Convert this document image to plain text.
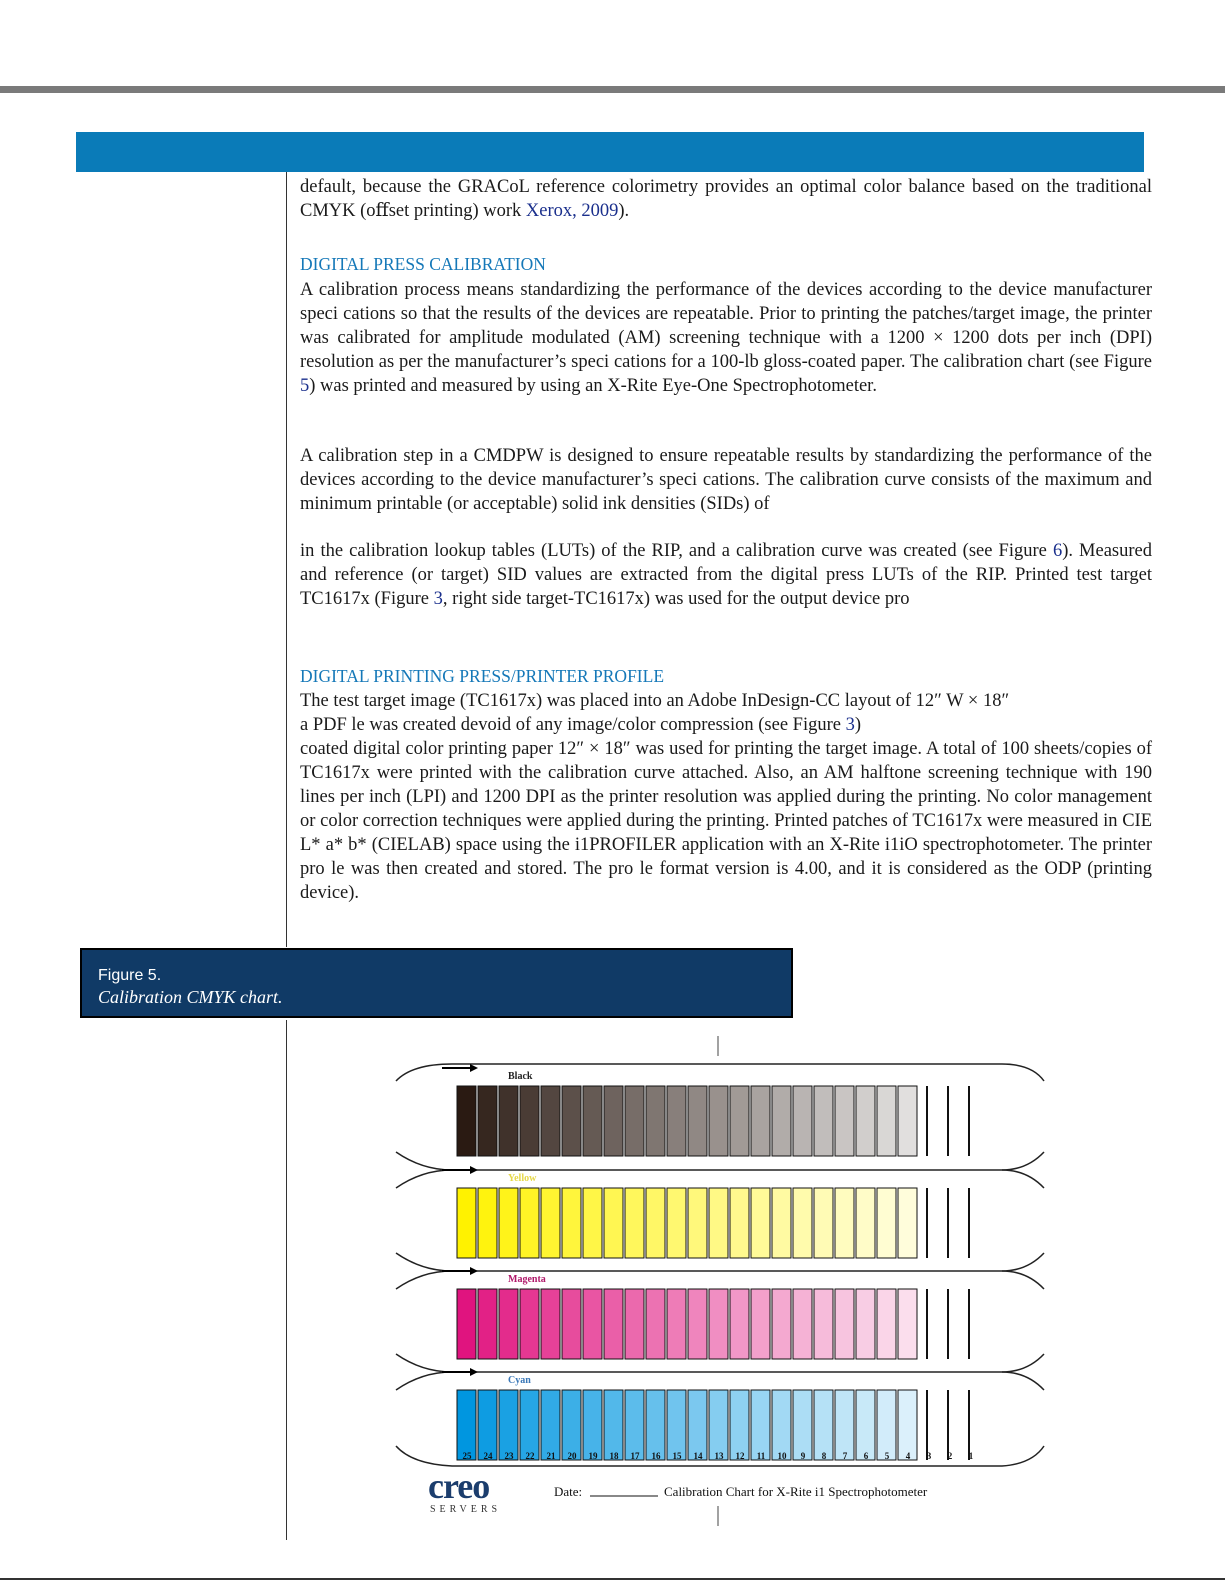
default, because the GRACoL reference colorimetry provides an optimal color balance based on the traditional CMYK (oﬀset printing) work Xerox, 2009).

DIGITAL PRESS CALIBRATION

A calibration process means standardizing the performance of the devices according to the device manufacturer speci cations so that the results of the devices are repeatable. Prior to printing the patches/target image, the printer was calibrated for amplitude modulated (AM) screening technique with a 1200 × 1200 dots per inch (DPI) resolution as per the manufacturer’s speci cations for a 100-lb gloss-coated paper. The calibration chart (see Figure 5) was printed and measured by using an X-Rite Eye-One Spectrophotometer.

A calibration step in a CMDPW is designed to ensure repeatable results by standardizing the performance of the devices according to the device manufacturer’s speci cations. The calibration curve consists of the maximum and minimum printable (or acceptable) solid ink densities (SIDs) of

in the calibration lookup tables (LUTs) of the RIP, and a calibration curve was created (see Figure 6). Measured and reference (or target) SID values are extracted from the digital press LUTs of the RIP. Printed test target TC1617x (Figure 3, right side target-TC1617x) was used for the output device pro

DIGITAL PRINTING PRESS/PRINTER PROFILE

The test target image (TC1617x) was placed into an Adobe InDesign-CC layout of 12″ W × 18″

a PDF le was created devoid of any image/color compression (see Figure 3)

coated digital color printing paper 12″ × 18″ was used for printing the target image. A total of 100 sheets/copies of TC1617x were printed with the calibration curve attached. Also, an AM halftone screening technique with 190 lines per inch (LPI) and 1200 DPI as the printer resolution was applied during the printing. No color management or color correction techniques were applied during the printing. Printed patches of TC1617x were measured in CIE L* a* b* (CIELAB) space using the i1PROFILER application with an X-Rite i1iO spectrophotometer. The printer pro le was then created and stored. The pro le format version is 4.00, and it is considered as the ODP (printing device).

Figure 5.
Calibration CMYK chart.
Black
Yellow
Magenta
Cyan
25 24 23 22 21 20 19 18 17 16 15 14 13 12 11 10 9 8 7 6 5 4 3 2 1
creo
SERVERS
Date:	Calibration Chart for X-Rite i1 Spectrophotometer
